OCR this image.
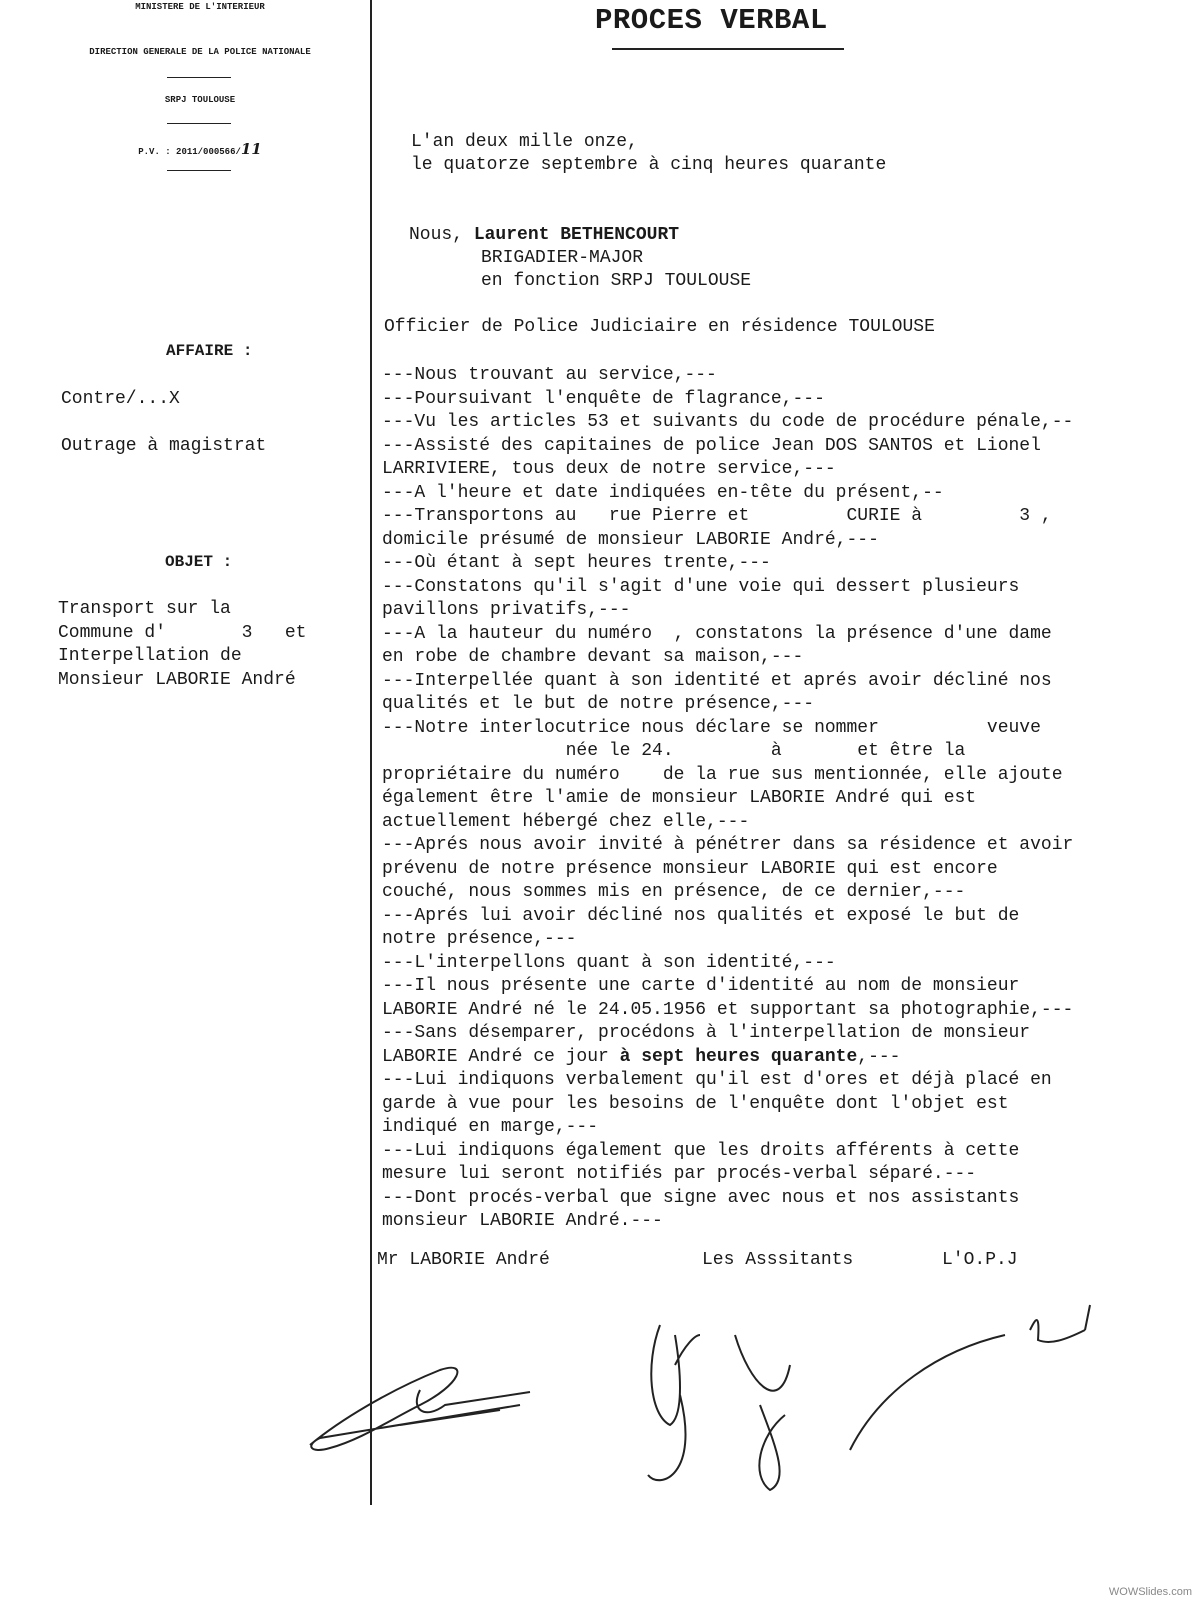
MINISTERE DE L'INTERIEUR
DIRECTION GENERALE DE LA POLICE NATIONALE
SRPJ TOULOUSE
P.V. : 2011/000566/11
PROCES VERBAL
L'an deux mille onze,
le quatorze septembre à cinq heures quarante
Nous, Laurent BETHENCOURT
BRIGADIER-MAJOR
en fonction SRPJ TOULOUSE
Officier de Police Judiciaire en résidence TOULOUSE
AFFAIRE :
Contre/...X
Outrage à magistrat
OBJET :
Transport sur la
Commune d'       3   et
Interpellation de
Monsieur LABORIE André
---Nous trouvant au service,---
---Poursuivant l'enquête de flagrance,---
---Vu les articles 53 et suivants du code de procédure pénale,--
---Assisté des capitaines de police Jean DOS SANTOS et Lionel
LARRIVIERE, tous deux de notre service,---
---A l'heure et date indiquées en-tête du présent,--
---Transportons au   rue Pierre et         CURIE à         3 ,
domicile présumé de monsieur LABORIE André,---
---Où étant à sept heures trente,---
---Constatons qu'il s'agit d'une voie qui dessert plusieurs
pavillons privatifs,---
---A la hauteur du numéro  , constatons la présence d'une dame
en robe de chambre devant sa maison,---
---Interpellée quant à son identité et aprés avoir décliné nos
qualités et le but de notre présence,---
---Notre interlocutrice nous déclare se nommer          veuve
née le 24.         à       et être la
propriétaire du numéro    de la rue sus mentionnée, elle ajoute
également être l'amie de monsieur LABORIE André qui est
actuellement hébergé chez elle,---
---Aprés nous avoir invité à pénétrer dans sa résidence et avoir
prévenu de notre présence monsieur LABORIE qui est encore
couché, nous sommes mis en présence, de ce dernier,---
---Aprés lui avoir décliné nos qualités et exposé le but de
notre présence,---
---L'interpellons quant à son identité,---
---Il nous présente une carte d'identité au nom de monsieur
LABORIE André né le 24.05.1956 et supportant sa photographie,---
---Sans désemparer, procédons à l'interpellation de monsieur
LABORIE André ce jour à sept heures quarante,---
---Lui indiquons verbalement qu'il est d'ores et déjà placé en
garde à vue pour les besoins de l'enquête dont l'objet est
indiqué en marge,---
---Lui indiquons également que les droits afférents à cette
mesure lui seront notifiés par procés-verbal séparé.---
---Dont procés-verbal que signe avec nous et nos assistants
monsieur LABORIE André.---
Mr LABORIE André	Les Asssitants	L'O.P.J
WOWSlides.com
